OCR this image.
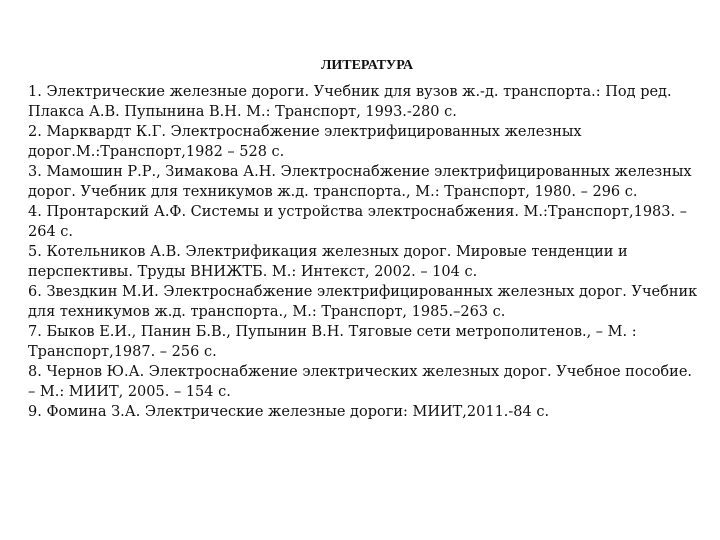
ЛИТЕРАТУРА
1. Электрические железные дороги. Учебник для вузов ж.-д. транспорта.: Под ред. Плакса А.В. Пупынина В.Н. М.: Транспорт, 1993.-280 с.
2. Марквардт К.Г. Электроснабжение электрифицированных железных дорог.М.:Транспорт,1982 – 528 с.
3. Мамошин Р.Р., Зимакова А.Н. Электроснабжение электрифицированных железных дорог. Учебник для техникумов ж.д. транспорта., М.: Транспорт, 1980. – 296 с.
4. Пронтарский А.Ф. Системы и устройства электроснабжения. М.:Транспорт,1983. – 264 с.
5. Котельников А.В. Электрификация железных дорог. Мировые тенденции и перспективы. Труды ВНИЖТБ. М.: Интекст, 2002. – 104 с.
6. Звездкин М.И. Электроснабжение электрифицированных железных дорог. Учебник для техникумов ж.д. транспорта., М.: Транспорт, 1985.–263 с.
7. Быков Е.И., Панин Б.В., Пупынин В.Н. Тяговые сети метрополитенов., – М. : Транспорт,1987. – 256 с.
8. Чернов Ю.А. Электроснабжение электрических железных дорог. Учебное пособие. – М.: МИИТ, 2005. – 154 с.
9. Фомина З.А. Электрические железные дороги: МИИТ,2011.-84 с.
